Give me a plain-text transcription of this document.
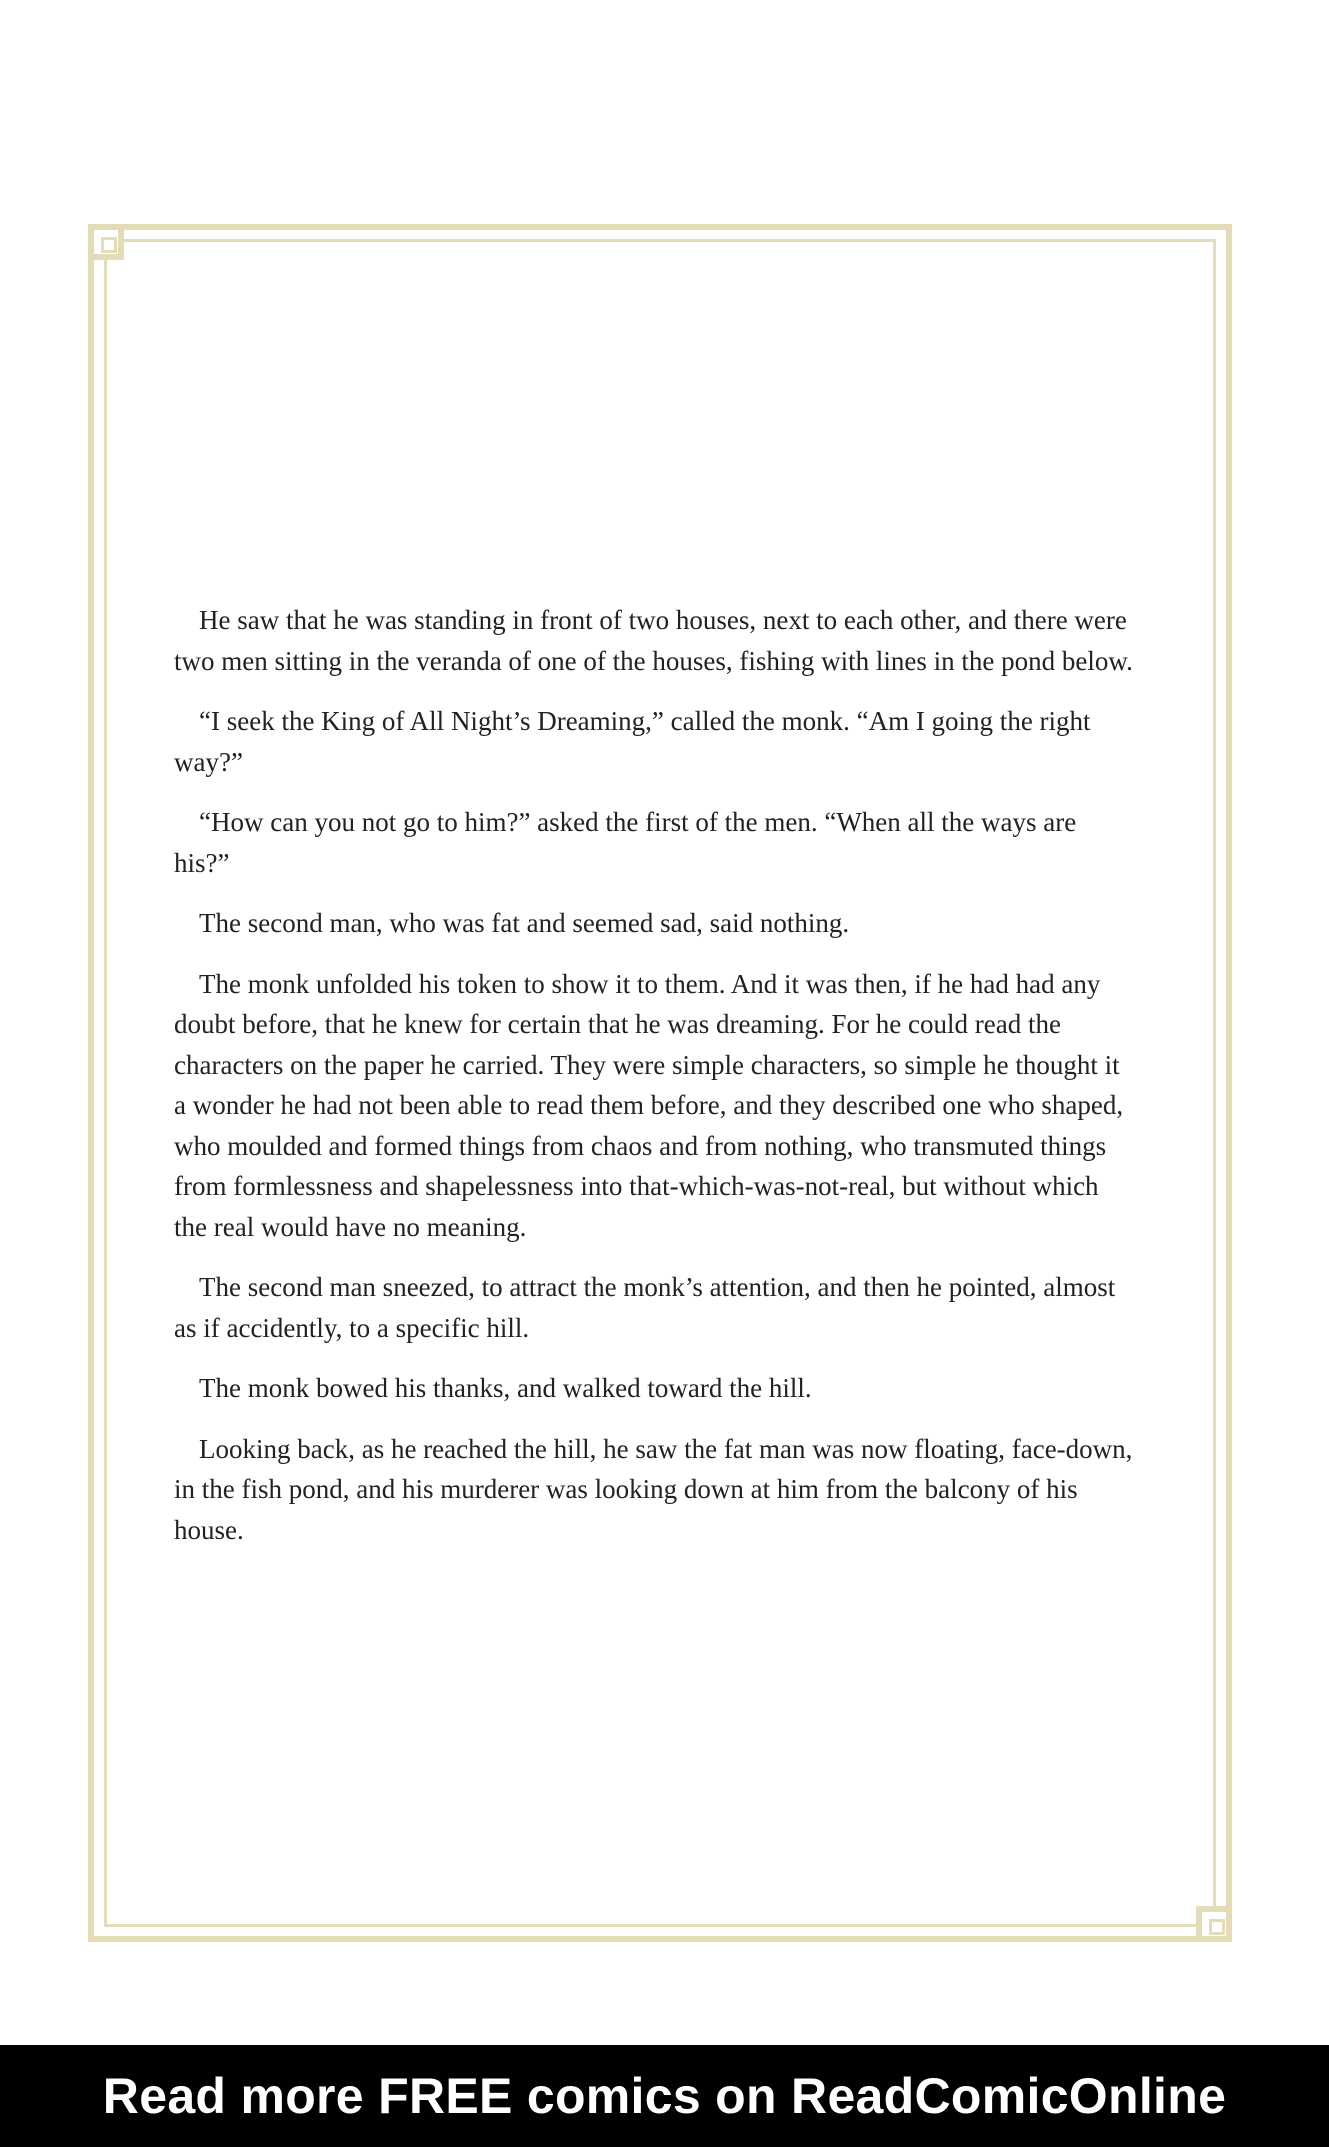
He saw that he was standing in front of two houses, next to each other, and there were two men sitting in the veranda of one of the houses, fishing with lines in the pond below.

“I seek the King of All Night’s Dreaming,” called the monk. “Am I going the right way?”

“How can you not go to him?” asked the first of the men. “When all the ways are his?”

The second man, who was fat and seemed sad, said nothing.

The monk unfolded his token to show it to them. And it was then, if he had had any doubt before, that he knew for certain that he was dreaming. For he could read the characters on the paper he carried. They were simple characters, so simple he thought it a wonder he had not been able to read them before, and they described one who shaped, who moulded and formed things from chaos and from nothing, who transmuted things from formlessness and shapelessness into that-which-was-not-real, but without which the real would have no meaning.

The second man sneezed, to attract the monk’s attention, and then he pointed, almost as if accidently, to a specific hill.

The monk bowed his thanks, and walked toward the hill.

Looking back, as he reached the hill, he saw the fat man was now floating, face-down, in the fish pond, and his murderer was looking down at him from the balcony of his house.

Read more FREE comics on ReadComicOnline
